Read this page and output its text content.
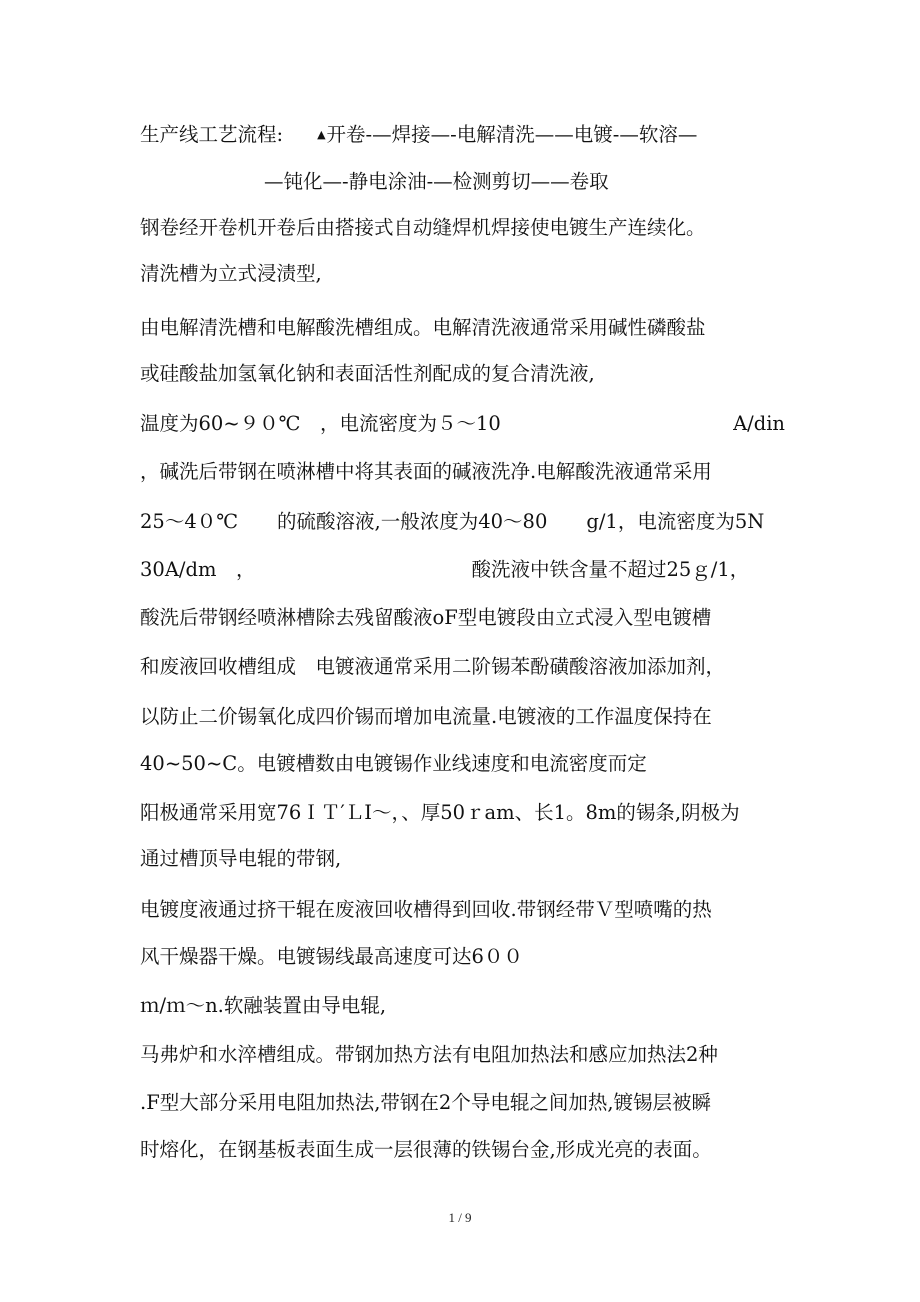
生产线工艺流程:	▲开卷-—焊接—-电解清洗——电镀-—软溶—
—钝化—-静电涂油-—检测剪切——卷取
钢卷经开卷机开卷后由搭接式自动缝焊机焊接使电镀生产连续化。
清洗槽为立式浸渍型,
由电解清洗槽和电解酸洗槽组成。电解清洗液通常采用碱性磷酸盐
或硅酸盐加氢氧化钠和表面活性剂配成的复合清洗液,
温度为60~９０℃　，电流密度为５～10	A/din
，碱洗后带钢在喷淋槽中将其表面的碱液洗净.电解酸洗液通常采用
25～4０℃　　的硫酸溶液,一般浓度为40～80　　g/1，电流密度为5N
30A/dm　，	酸洗液中铁含量不超过25ｇ/1，
酸洗后带钢经喷淋槽除去残留酸液oF型电镀段由立式浸入型电镀槽
和废液回收槽组成　电镀液通常采用二阶锡苯酚磺酸溶液加添加剂，
以防止二价锡氧化成四价锡而增加电流量.电镀液的工作温度保持在
40~50~C。电镀槽数由电镀锡作业线速度和电流密度而定
阳极通常采用宽76ＩＴ′ＬI～，、厚50ｒam、长1。8m的锡条,阴极为
通过槽顶导电辊的带钢,
电镀度液通过挤干辊在废液回收槽得到回收.带钢经带Ｖ型喷嘴的热
风干燥器干燥。电镀锡线最高速度可达6００
ｍ/ｍ～n.软融装置由导电辊,
马弗炉和水淬槽组成。带钢加热方法有电阻加热法和感应加热法2种
.F型大部分采用电阻加热法,带钢在2个导电辊之间加热,镀锡层被瞬
时熔化，在钢基板表面生成一层很薄的铁锡台金,形成光亮的表面。
1 / 9
